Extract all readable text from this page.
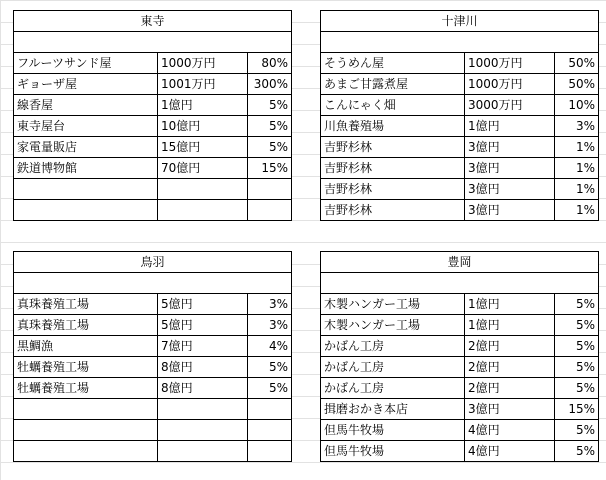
東寺		

フルーツサンド屋	1000万円	80%
ギョーザ屋	1001万円	300%
線香屋	1億円	5%
東寺屋台	10億円	5%
家電量販店	15億円	5%
鉄道博物館	70億円	15%

十津川		

そうめん屋	1000万円	50%
あまご甘露煮屋	1000万円	50%
こんにゃく畑	3000万円	10%
川魚養殖場	1億円	3%
吉野杉林	3億円	1%
吉野杉林	3億円	1%
吉野杉林	3億円	1%
吉野杉林	3億円	1%
鳥羽		

真珠養殖工場	5億円	3%
真珠養殖工場	5億円	3%
黒鯛漁	7億円	4%
牡蠣養殖工場	8億円	5%
牡蠣養殖工場	8億円	5%

豊岡		

木製ハンガー工場	1億円	5%
木製ハンガー工場	1億円	5%
かばん工房	2億円	5%
かばん工房	2億円	5%
かばん工房	2億円	5%
揖磨おかき本店	3億円	15%
但馬牛牧場	4億円	5%
但馬牛牧場	4億円	5%
